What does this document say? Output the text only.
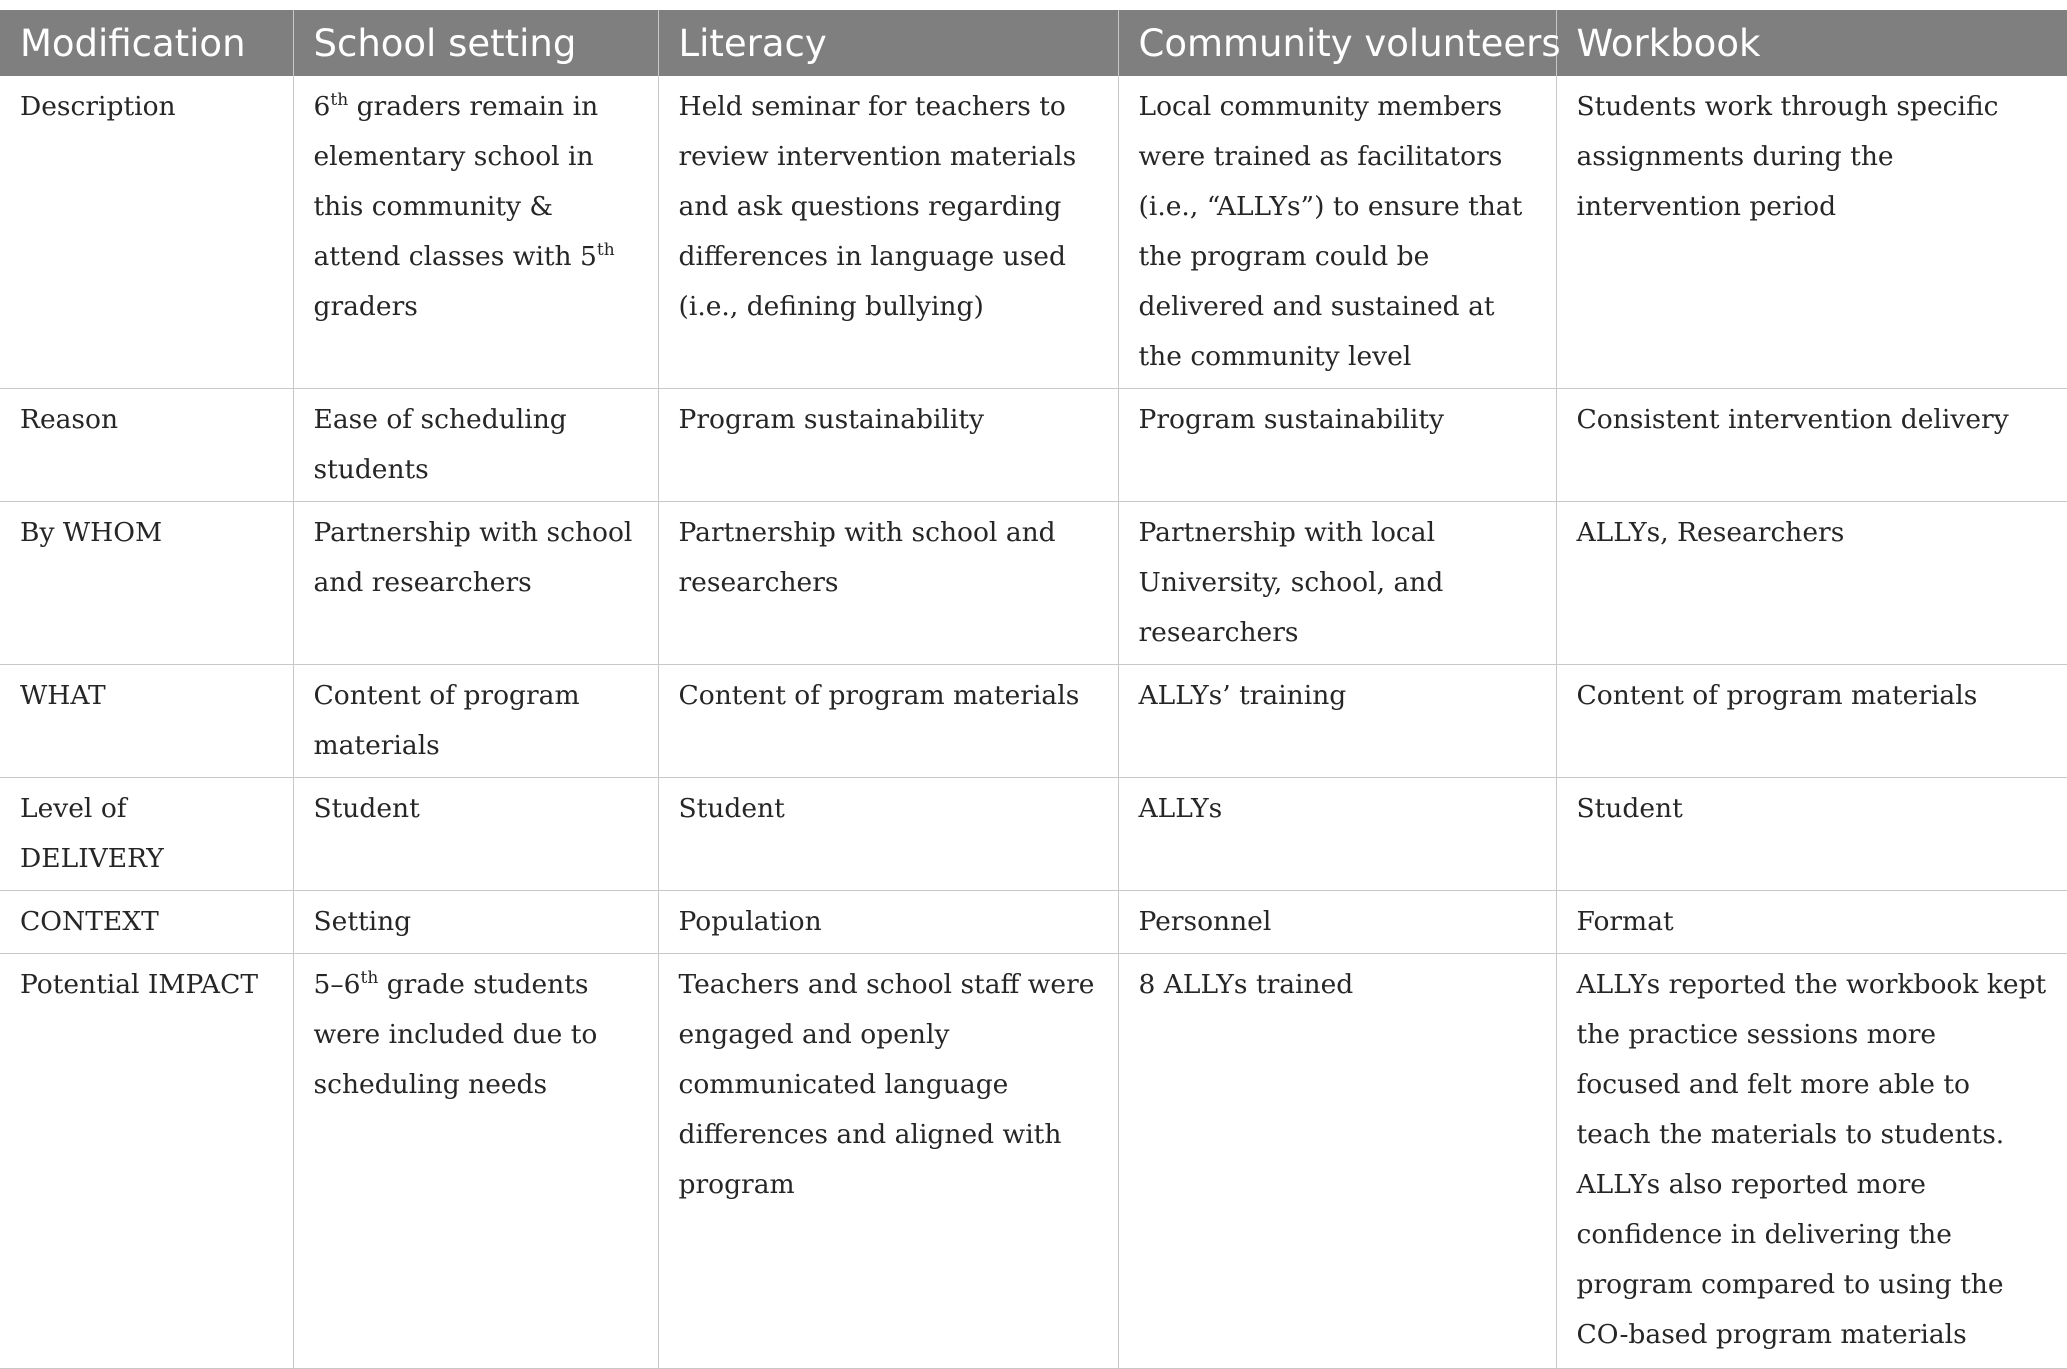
Modification	School setting	Literacy	Community volunteers	Workbook
Description	6th graders remain in elementary school in this community & attend classes with 5th graders	Held seminar for teachers to review intervention materials and ask questions regarding differences in language used (i.e., defining bullying)	Local community members were trained as facilitators (i.e., “ALLYs”) to ensure that the program could be delivered and sustained at the community level	Students work through specific assignments during the intervention period
Reason	Ease of scheduling students	Program sustainability	Program sustainability	Consistent intervention delivery
By WHOM	Partnership with school and researchers	Partnership with school and researchers	Partnership with local University, school, and researchers	ALLYs, Researchers
WHAT	Content of program materials	Content of program materials	ALLYs’ training	Content of program materials
Level of DELIVERY	Student	Student	ALLYs	Student
CONTEXT	Setting	Population	Personnel	Format
Potential IMPACT	5–6th grade students were included due to scheduling needs	Teachers and school staff were engaged and openly communicated language differences and aligned with program	8 ALLYs trained	ALLYs reported the workbook kept the practice sessions more focused and felt more able to teach the materials to students. ALLYs also reported more confidence in delivering the program compared to using the CO-based program materials
